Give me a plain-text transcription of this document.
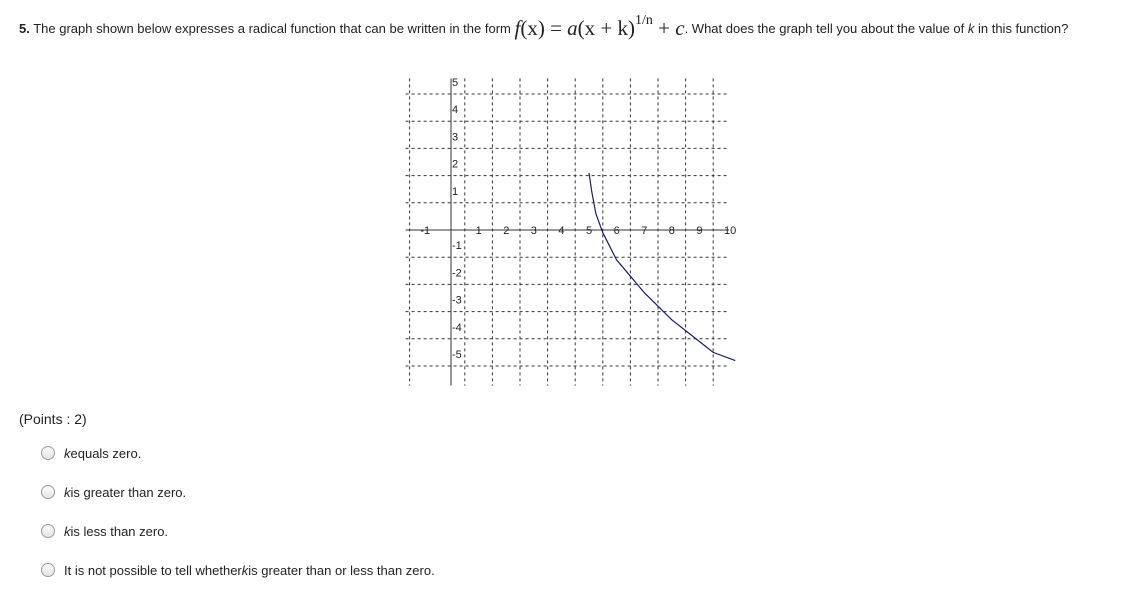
5. The graph shown below expresses a radical function that can be written in the form $f(x) = a(x + k)^{1/n} + c$. What does the graph tell you about the value of k in this function?
-1	1 2 3 4 5 6 7 8 9 10
5
4
3
2
1
-1
-2
-3
-4
-5
(Points : 2)
k equals zero.
k is greater than zero.
k is less than zero.
It is not possible to tell whether k is greater than or less than zero.
